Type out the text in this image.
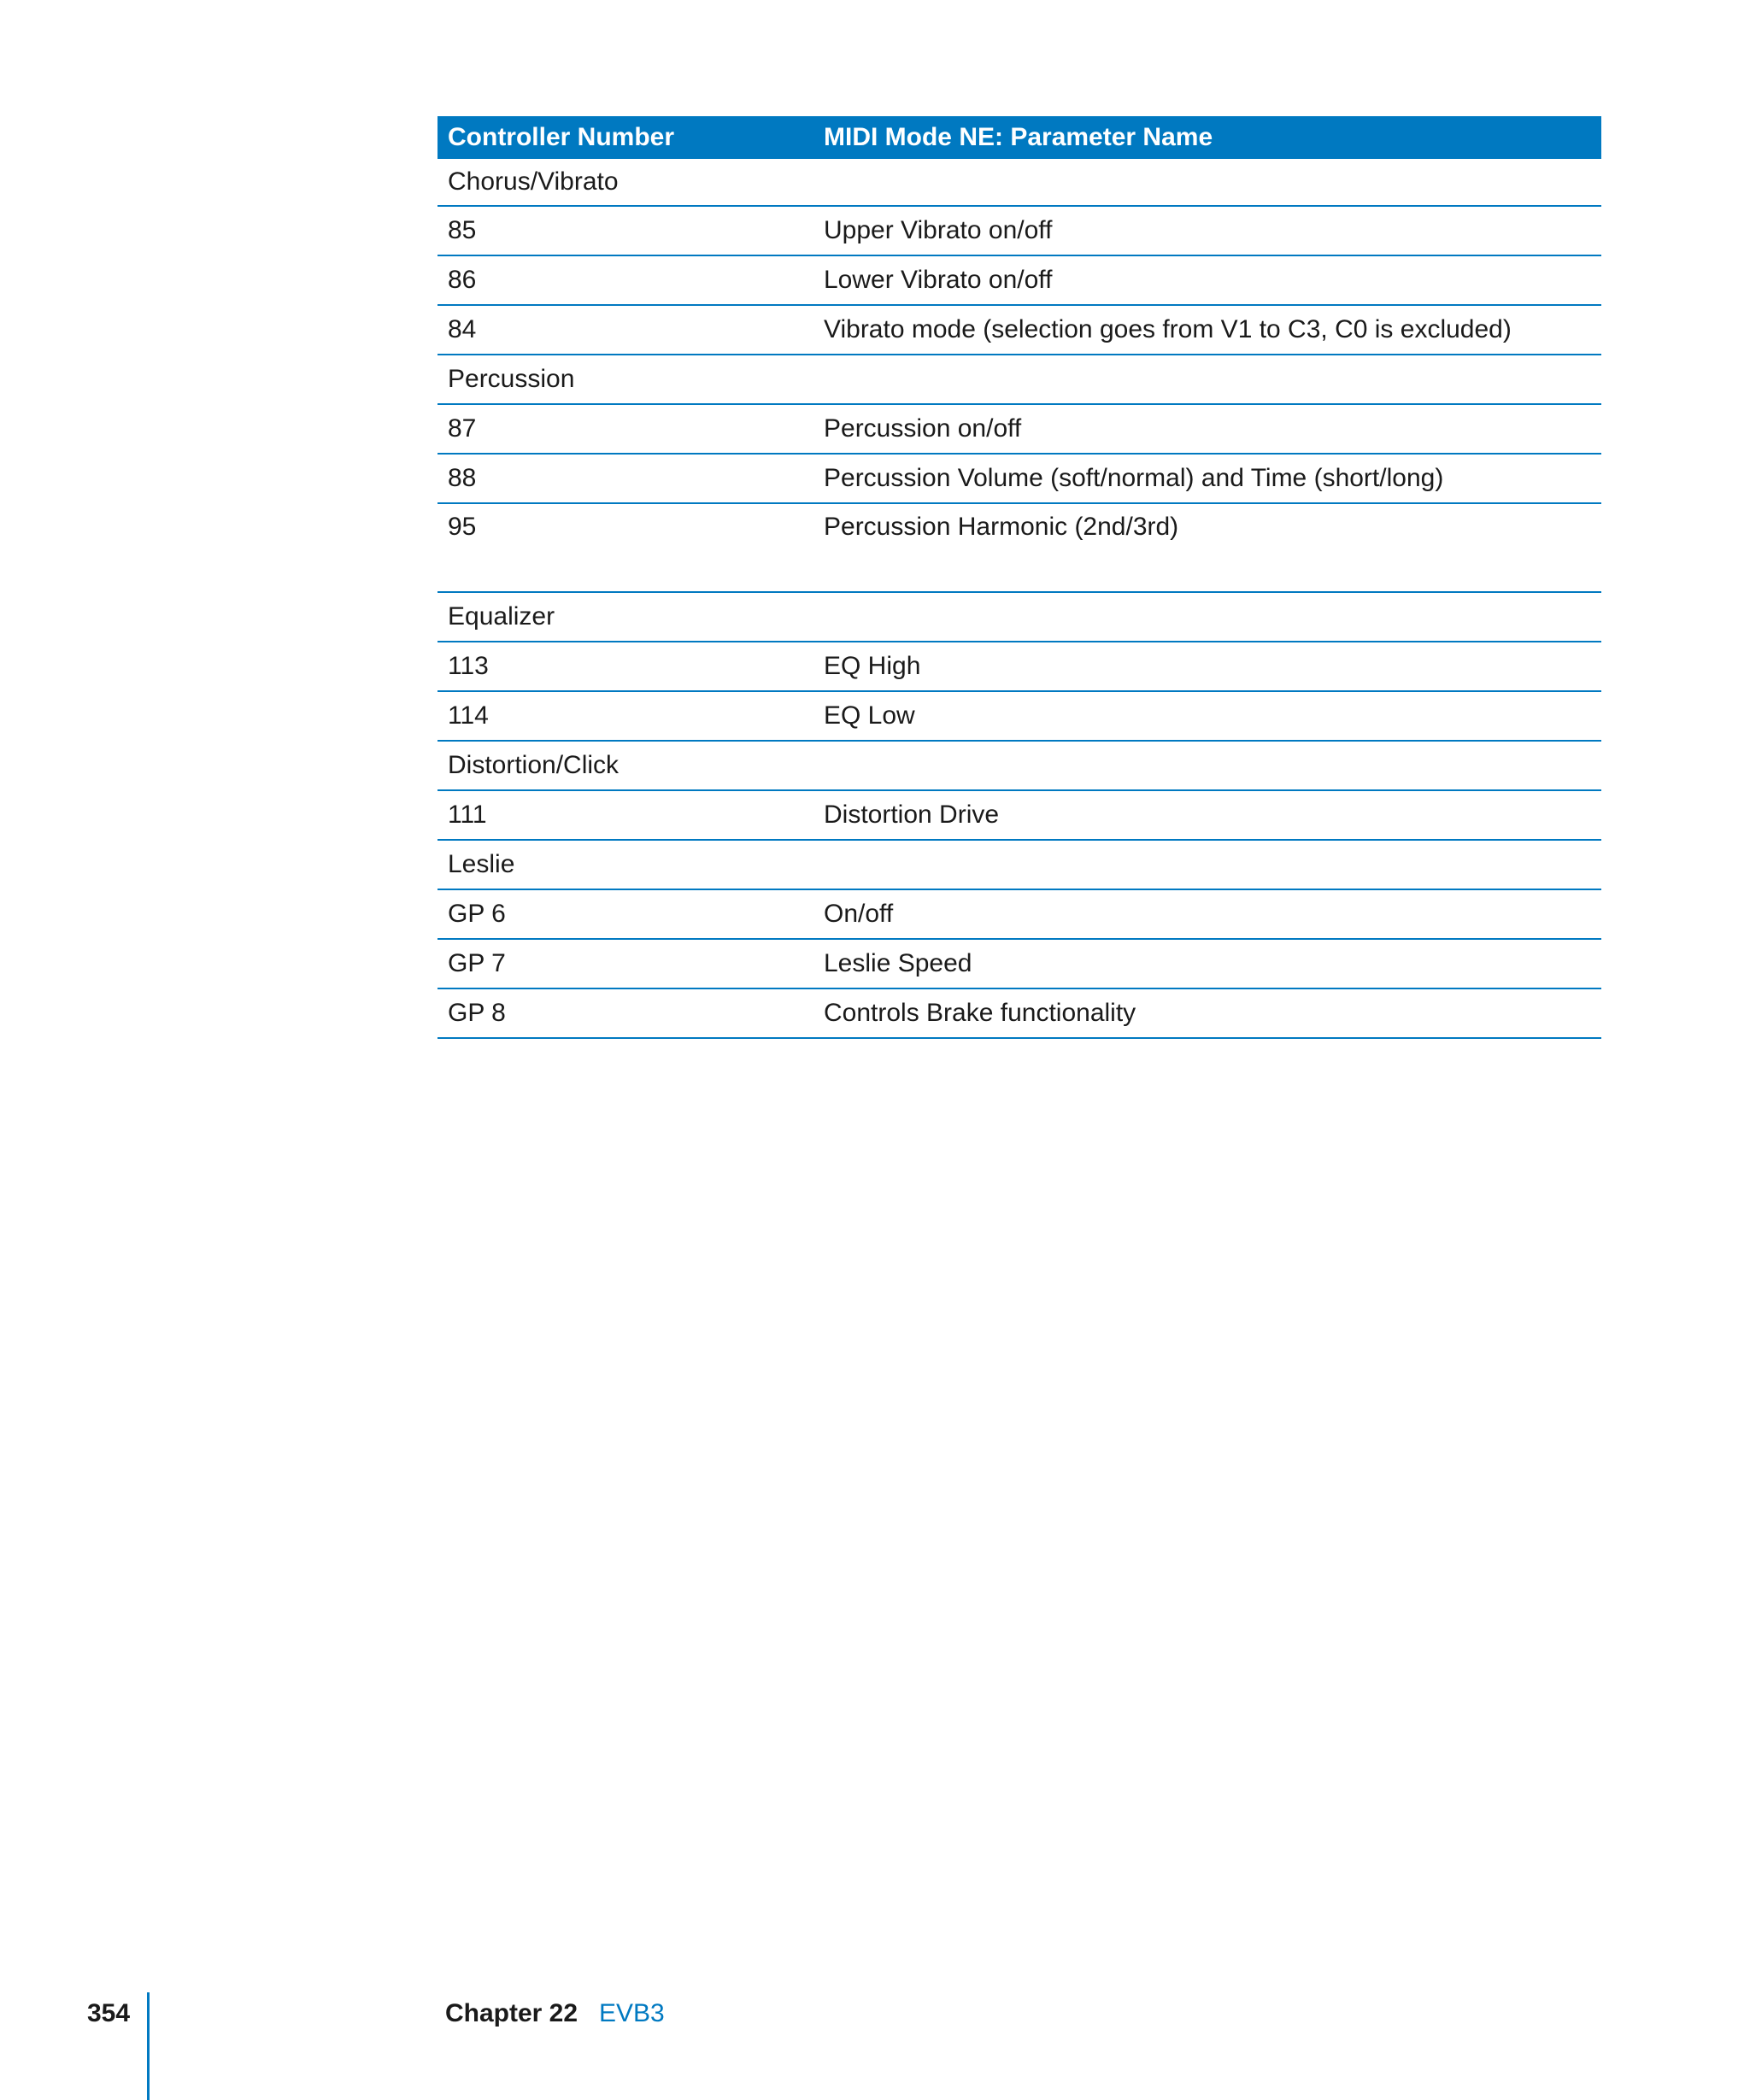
Controller Number	MIDI Mode NE: Parameter Name
Chorus/Vibrato
85	Upper Vibrato on/off
86	Lower Vibrato on/off
84	Vibrato mode (selection goes from V1 to C3, C0 is excluded)
Percussion
87	Percussion on/off
88	Percussion Volume (soft/normal) and Time (short/long)
95	Percussion Harmonic (2nd/3rd)
Equalizer
113	EQ High
114	EQ Low
Distortion/Click
111	Distortion Drive
Leslie
GP 6	On/off
GP 7	Leslie Speed
GP 8	Controls Brake functionality
354	Chapter 22 EVB3
